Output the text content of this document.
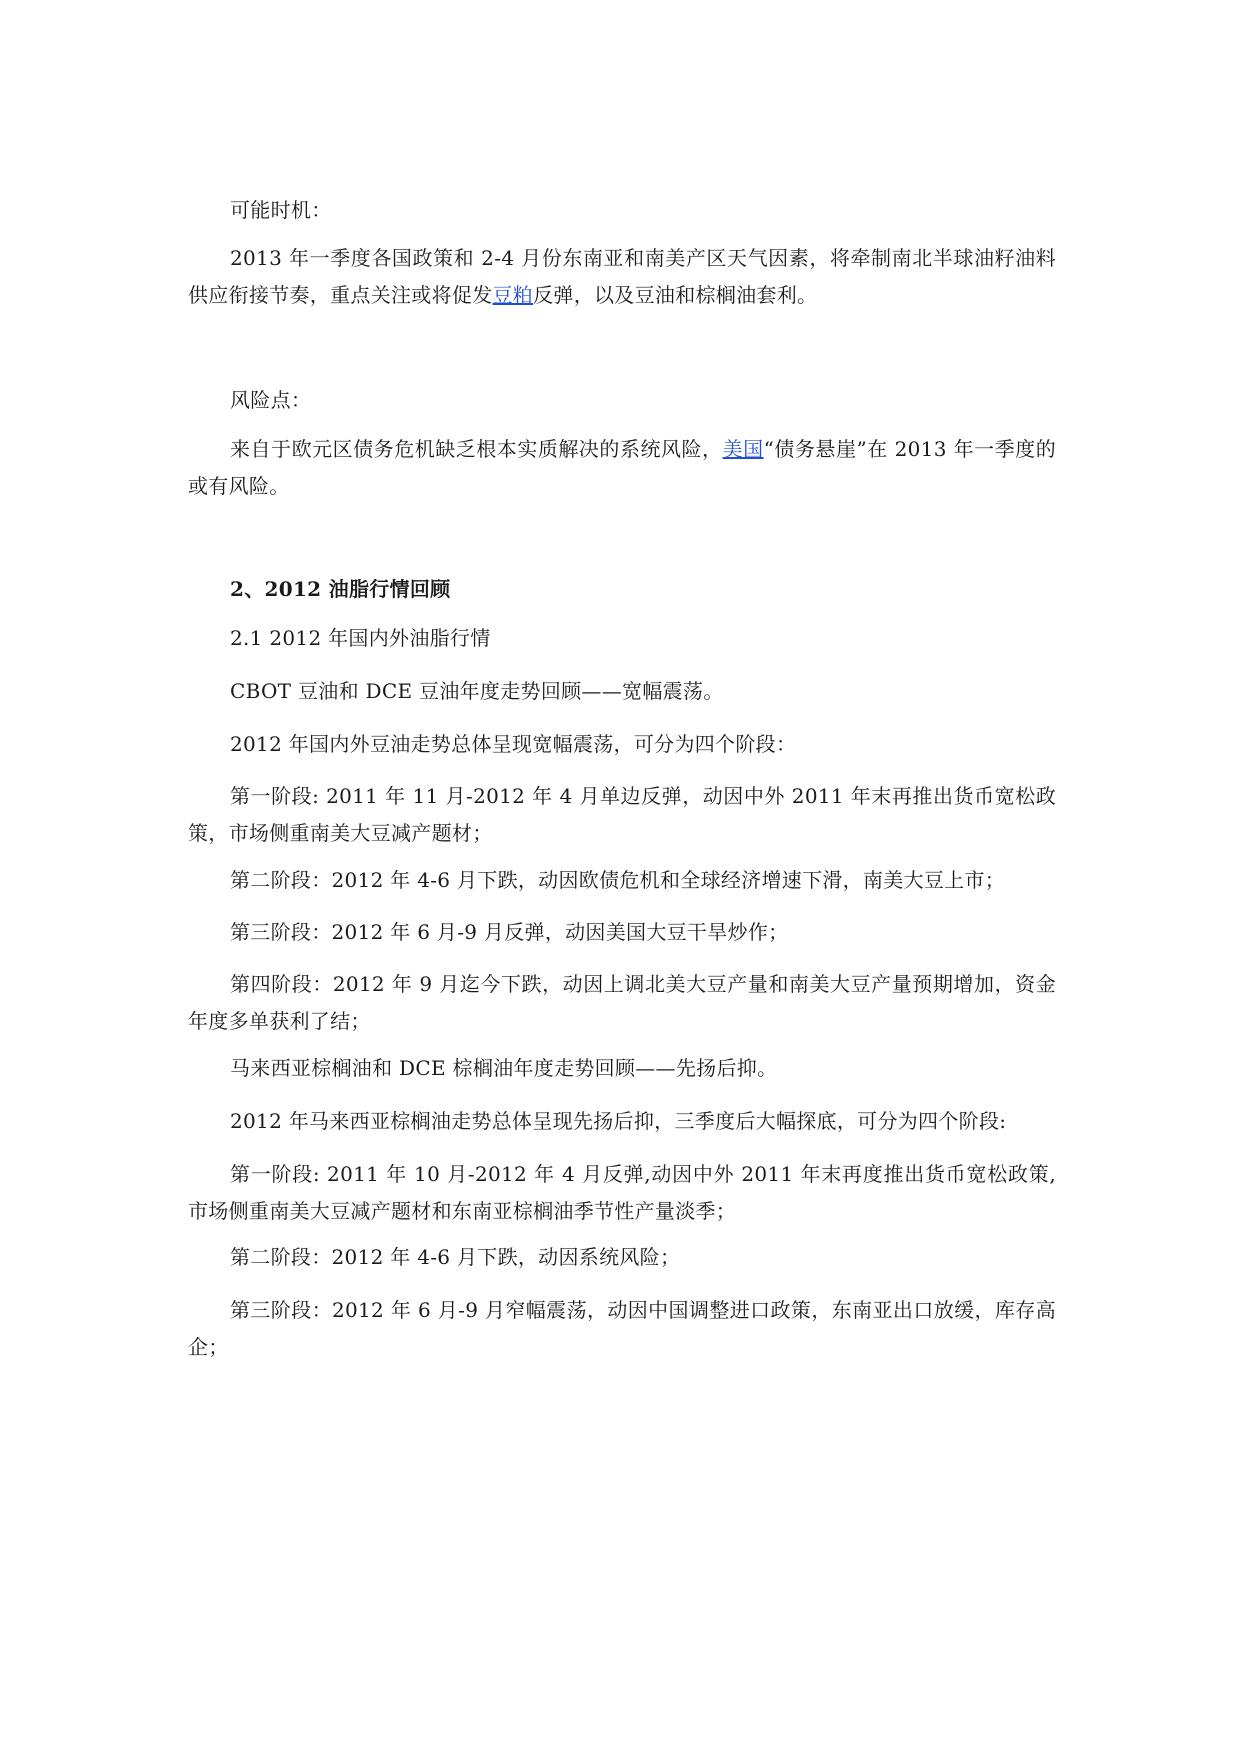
可能时机：

2013 年一季度各国政策和 2-4 月份东南亚和南美产区天气因素，将牵制南北半球油籽油料供应衔接节奏，重点关注或将促发豆粕反弹，以及豆油和棕榈油套利。

风险点：

来自于欧元区债务危机缺乏根本实质解决的系统风险，美国“债务悬崖”在 2013 年一季度的或有风险。

2、2012 油脂行情回顾

2.1 2012 年国内外油脂行情

CBOT 豆油和 DCE 豆油年度走势回顾——宽幅震荡。

2012 年国内外豆油走势总体呈现宽幅震荡，可分为四个阶段：

第一阶段: 2011 年 11 月-2012 年 4 月单边反弹，动因中外 2011 年末再推出货币宽松政策，市场侧重南美大豆减产题材；

第二阶段：2012 年 4-6 月下跌，动因欧债危机和全球经济增速下滑，南美大豆上市；

第三阶段：2012 年 6 月-9 月反弹，动因美国大豆干旱炒作；

第四阶段：2012 年 9 月迄今下跌，动因上调北美大豆产量和南美大豆产量预期增加，资金年度多单获利了结；

马来西亚棕榈油和 DCE 棕榈油年度走势回顾——先扬后抑。

2012 年马来西亚棕榈油走势总体呈现先扬后抑，三季度后大幅探底，可分为四个阶段:

第一阶段: 2011 年 10 月-2012 年 4 月反弹,动因中外 2011 年末再度推出货币宽松政策,市场侧重南美大豆减产题材和东南亚棕榈油季节性产量淡季；

第二阶段：2012 年 4-6 月下跌，动因系统风险；

第三阶段：2012 年 6 月-9 月窄幅震荡，动因中国调整进口政策，东南亚出口放缓，库存高企；
